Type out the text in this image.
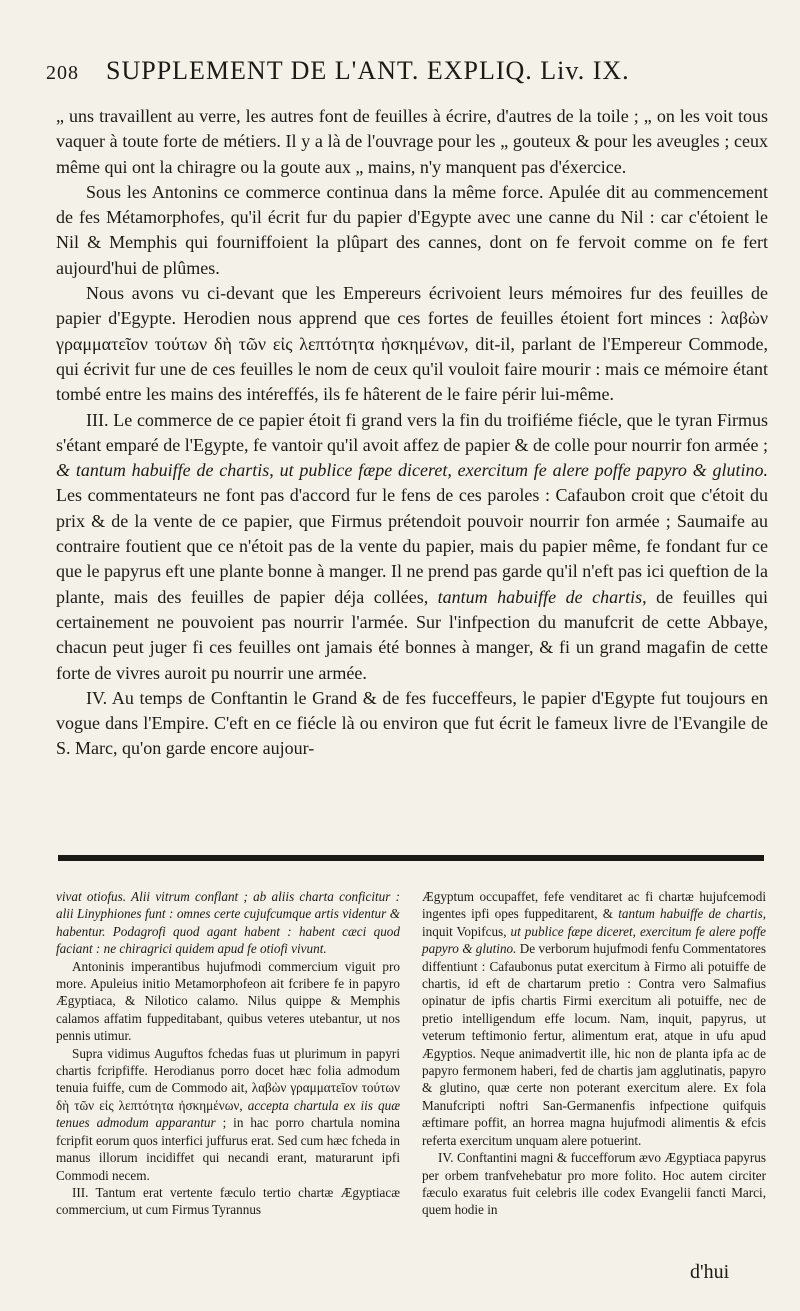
208 SUPPLEMENT DE L'ANT. EXPLIQ. Liv. IX.

„ uns travaillent au verre, les autres font de feuilles à écrire, d'autres de la toile ; „ on les voit tous vaquer à toute forte de métiers. Il y a là de l'ouvrage pour les „ gouteux & pour les aveugles ; ceux même qui ont la chiragre ou la goute aux „ mains, n'y manquent pas d'éxercice.

Sous les Antonins ce commerce continua dans la même force. Apulée dit au commencement de fes Métamorphofes, qu'il écrit fur du papier d'Egypte avec une canne du Nil : car c'étoient le Nil & Memphis qui fourniffoient la plûpart des cannes, dont on fe fervoit comme on fe fert aujourd'hui de plûmes.

Nous avons vu ci-devant que les Empereurs écrivoient leurs mémoires fur des feuilles de papier d'Egypte. Herodien nous apprend que ces fortes de feuilles étoient fort minces : λαβὼν γραμματεῖον τούτων δὴ τῶν εἰς λεπτότητα ἠσκημένων, dit-il, parlant de l'Empereur Commode, qui écrivit fur une de ces feuilles le nom de ceux qu'il vouloit faire mourir : mais ce mémoire étant tombé entre les mains des intéreffés, ils fe hâterent de le faire périr lui-même.

III. Le commerce de ce papier étoit fi grand vers la fin du troifiéme fiécle, que le tyran Firmus s'étant emparé de l'Egypte, fe vantoir qu'il avoit affez de papier & de colle pour nourrir fon armée ; & tantum habuiffe de chartis, ut publice fæpe diceret, exercitum fe alere poffe papyro & glutino. Les commentateurs ne font pas d'accord fur le fens de ces paroles : Cafaubon croit que c'étoit du prix & de la vente de ce papier, que Firmus prétendoit pouvoir nourrir fon armée ; Saumaife au contraire foutient que ce n'étoit pas de la vente du papier, mais du papier même, fe fondant fur ce que le papyrus eft une plante bonne à manger. Il ne prend pas garde qu'il n'eft pas ici queftion de la plante, mais des feuilles de papier déja collées, tantum habuiffe de chartis, de feuilles qui certainement ne pouvoient pas nourrir l'armée. Sur l'infpection du manufcrit de cette Abbaye, chacun peut juger fi ces feuilles ont jamais été bonnes à manger, & fi un grand magafin de cette forte de vivres auroit pu nourrir une armée.

IV. Au temps de Conftantin le Grand & de fes fucceffeurs, le papier d'Egypte fut toujours en vogue dans l'Empire. C'eft en ce fiécle là ou environ que fut écrit le fameux livre de l'Evangile de S. Marc, qu'on garde encore aujour-

vivat otiofus. Alii vitrum conflant ; ab aliis charta conficitur : alii Linyphiones funt : omnes certe cujufcumque artis videntur & habentur. Podagrofi quod agant habent : habent cæci quod faciant : ne chiragrici quidem apud fe otiofi vivunt.

Antoninis imperantibus hujufmodi commercium viguit pro more. Apuleius initio Metamorphofeon ait fcribere fe in papyro Ægyptiaca, & Nilotico calamo. Nilus quippe & Memphis calamos affatim fuppeditabant, quibus veteres utebantur, ut nos pennis utimur.

Supra vidimus Auguftos fchedas fuas ut plurimum in papyri chartis fcripfiffe. Herodianus porro docet hæc folia admodum tenuia fuiffe, cum de Commodo ait, λαβὼν γραμματεῖον τούτων δὴ τῶν εἰς λεπτότητα ἠσκημένων, accepta chartula ex iis quæ tenues admodum apparantur ; in hac porro chartula nomina fcripfit eorum quos interfici juffurus erat. Sed cum hæc fcheda in manus illorum incidiffet qui necandi erant, maturarunt ipfi Commodi necem.

III. Tantum erat vertente fæculo tertio chartæ Ægyptiacæ commercium, ut cum Firmus Tyrannus

Ægyptum occupaffet, fefe venditaret ac fi chartæ hujufcemodi ingentes ipfi opes fuppeditarent, & tantum habuiffe de chartis, inquit Vopifcus, ut publice fæpe diceret, exercitum fe alere poffe papyro & glutino. De verborum hujufmodi fenfu Commentatores diffentiunt : Cafaubonus putat exercitum à Firmo ali potuiffe de chartis, id eft de chartarum pretio : Contra vero Salmafius opinatur de ipfis chartis Firmi exercitum ali potuiffe, nec de pretio intelligendum effe locum. Nam, inquit, papyrus, ut veterum teftimonio fertur, alimentum erat, atque in ufu apud Ægyptios. Neque animadvertit ille, hic non de planta ipfa ac de papyro fermonem haberi, fed de chartis jam agglutinatis, papyro & glutino, quæ certe non poterant exercitum alere. Ex fola Manufcripti noftri San-Germanenfis infpectione quifquis æftimare poffit, an horrea magna hujufmodi alimentis & efcis referta exercitum unquam alere potuerint.

IV. Conftantini magni & fuccefforum ævo Ægyptiaca papyrus per orbem tranfvehebatur pro more folito. Hoc autem circiter fæculo exaratus fuit celebris ille codex Evangelii fancti Marci, quem hodie in

d'hui
